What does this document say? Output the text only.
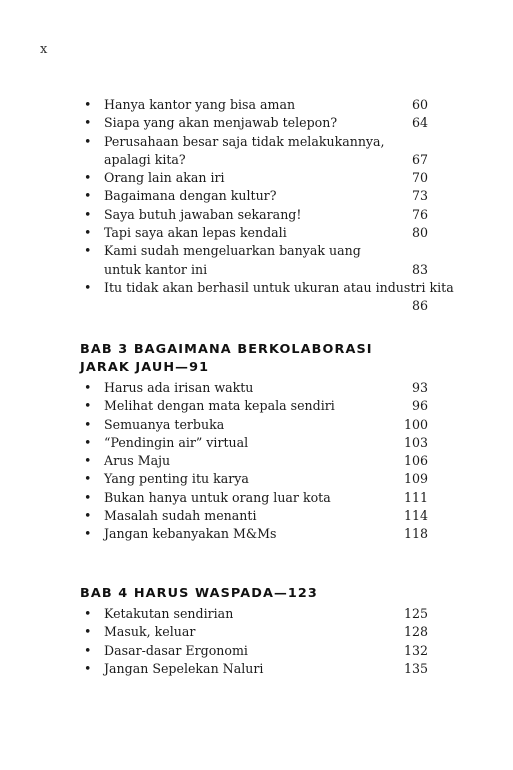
x
• Hanya kantor yang bisa aman	60
• Siapa yang akan menjawab telepon?	64
• Perusahaan besar saja tidak melakukannya,
apalagi kita?	67
• Orang lain akan iri	70
• Bagaimana dengan kultur?	73
• Saya butuh jawaban sekarang!	76
• Tapi saya akan lepas kendali	80
• Kami sudah mengeluarkan banyak uang
untuk kantor ini	83
• Itu tidak akan berhasil untuk ukuran atau industri kita
86
BAB 3 BAGAIMANA BERKOLABORASI
JARAK JAUH—91
• Harus ada irisan waktu	93
• Melihat dengan mata kepala sendiri	96
• Semuanya terbuka	100
• “Pendingin air” virtual	103
• Arus Maju	106
• Yang penting itu karya	109
• Bukan hanya untuk orang luar kota	111
• Masalah sudah menanti	114
• Jangan kebanyakan M&Ms	118
BAB 4 HARUS WASPADA—123
• Ketakutan sendirian	125
• Masuk, keluar	128
• Dasar-dasar Ergonomi	132
• Jangan Sepelekan Naluri	135
